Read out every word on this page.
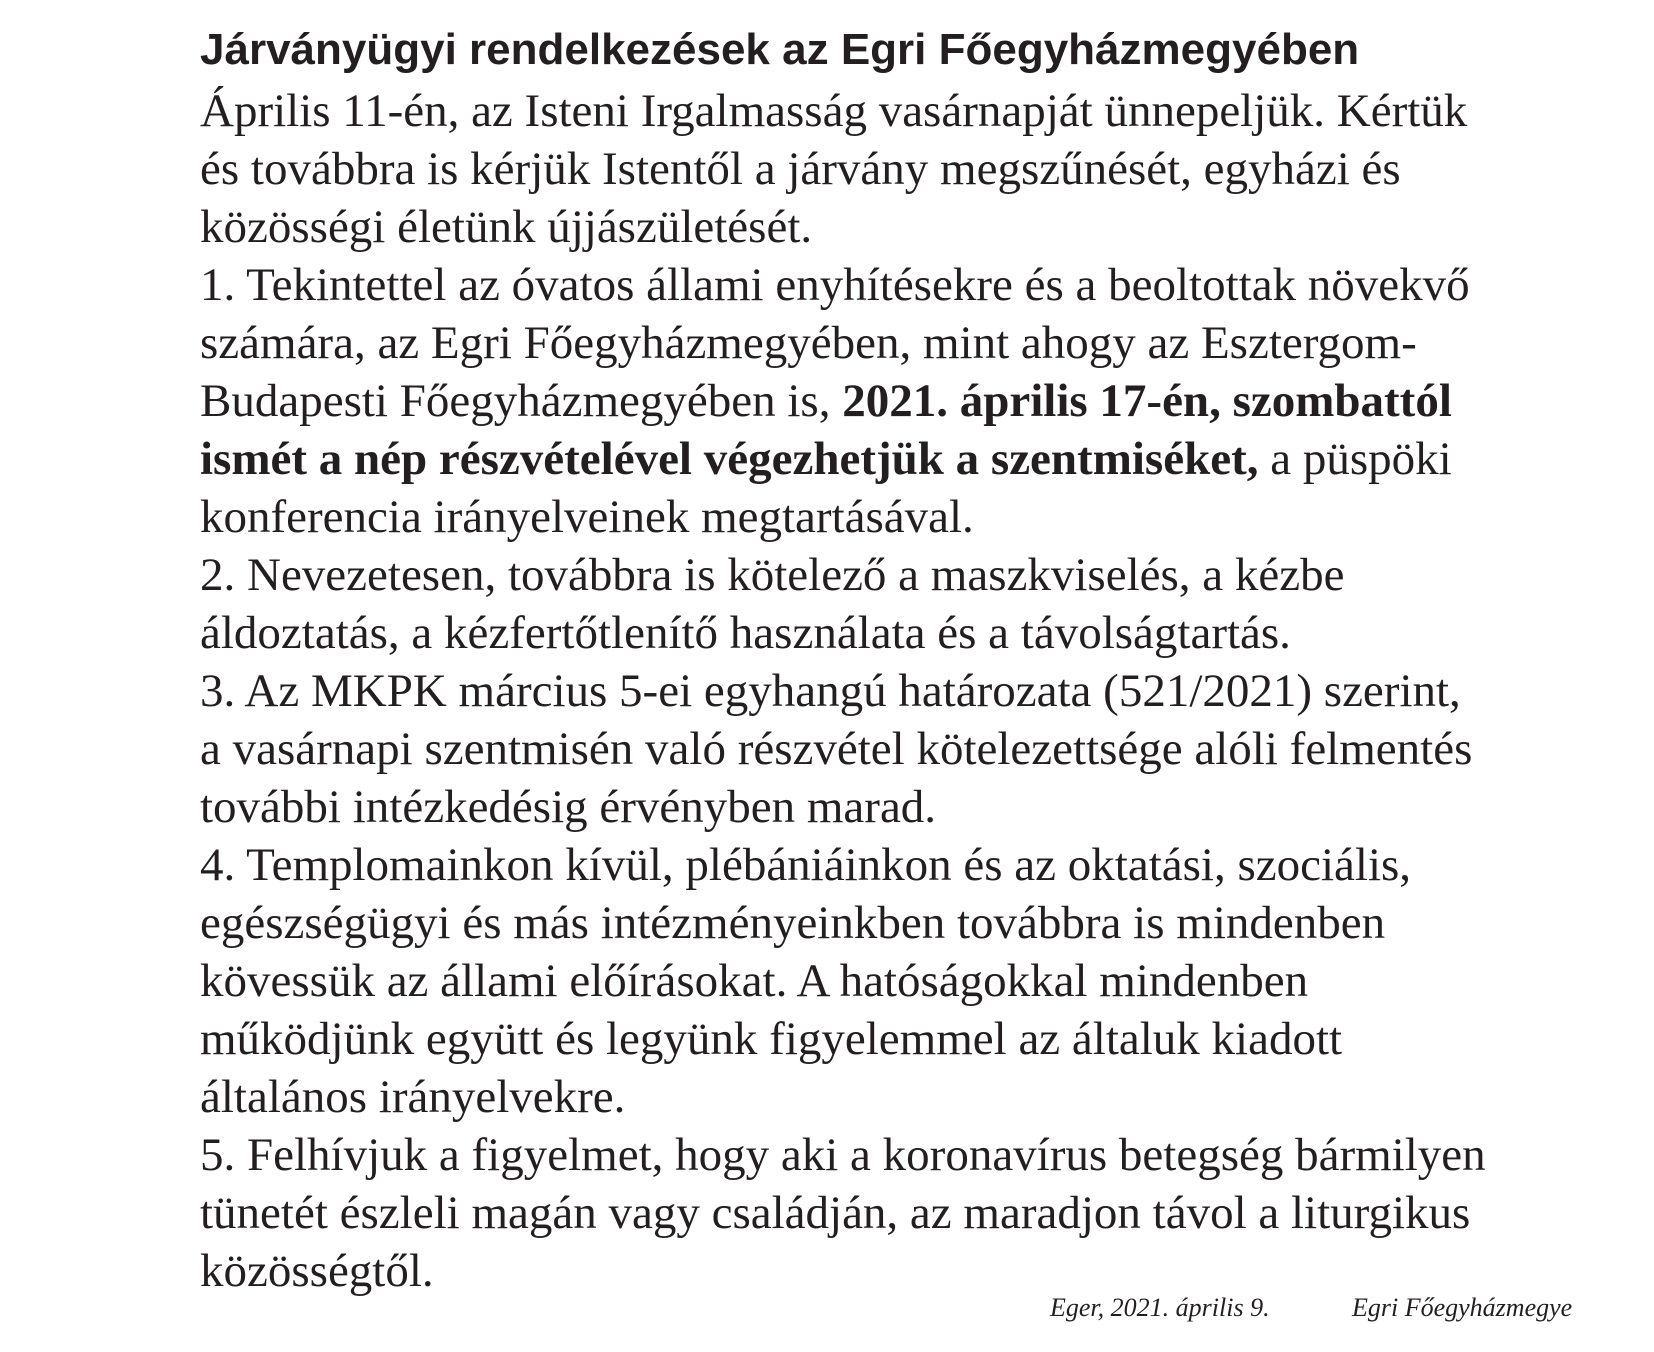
Járványügyi rendelkezések az Egri Főegyházmegyében
Április 11-én, az Isteni Irgalmasság vasárnapját ünnepeljük. Kértük
és továbbra is kérjük Istentől a járvány megszűnését, egyházi és
közösségi életünk újjászületését.
1. Tekintettel az óvatos állami enyhítésekre és a beoltottak növekvő
számára, az Egri Főegyházmegyében, mint ahogy az Esztergom-
Budapesti Főegyházmegyében is, 2021. április 17-én, szombattól
ismét a nép részvételével végezhetjük a szentmiséket, a püspöki
konferencia irányelveinek megtartásával.
2. Nevezetesen, továbbra is kötelező a maszkviselés, a kézbe
áldoztatás, a kézfertőtlenítő használata és a távolságtartás.
3. Az MKPK március 5-ei egyhangú határozata (521/2021) szerint,
a vasárnapi szentmisén való részvétel kötelezettsége alóli felmentés
további intézkedésig érvényben marad.
4. Templomainkon kívül, plébániáinkon és az oktatási, szociális,
egészségügyi és más intézményeinkben továbbra is mindenben
kövessük az állami előírásokat. A hatóságokkal mindenben
működjünk együtt és legyünk figyelemmel az általuk kiadott
általános irányelvekre.
5. Felhívjuk a figyelmet, hogy aki a koronavírus betegség bármilyen
tünetét észleli magán vagy családján, az maradjon távol a liturgikus
közösségtől.
Eger, 2021. április 9.	Egri Főegyházmegye
